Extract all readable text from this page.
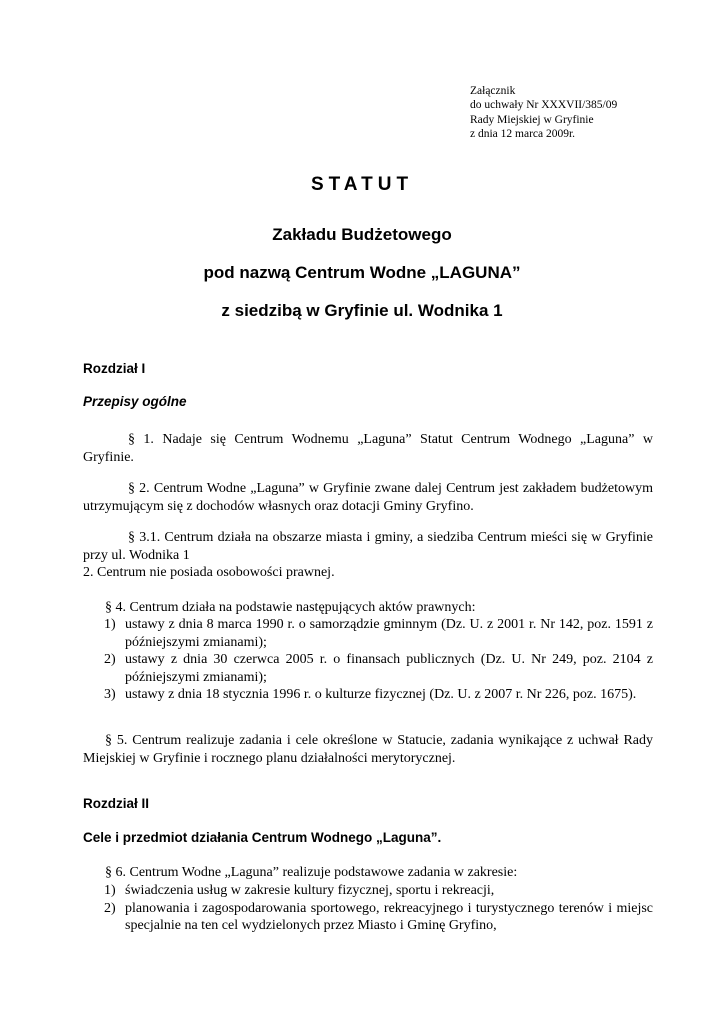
Załącznik
do uchwały Nr XXXVII/385/09
Rady Miejskiej w Gryfinie
z dnia 12 marca 2009r.
STATUT
Zakładu Budżetowego
pod nazwą Centrum Wodne „LAGUNA”
z siedzibą w Gryfinie ul. Wodnika 1
Rozdział I
Przepisy ogólne
§ 1. Nadaje się Centrum Wodnemu „Laguna” Statut Centrum Wodnego „Laguna” w Gryfinie.
§ 2. Centrum Wodne „Laguna” w Gryfinie zwane dalej Centrum jest zakładem budżetowym utrzymującym się z dochodów własnych oraz dotacji Gminy Gryfino.
§ 3.1. Centrum działa na obszarze miasta i gminy, a siedziba Centrum mieści się w Gryfinie przy ul. Wodnika 1
2. Centrum nie posiada osobowości prawnej.
§ 4. Centrum działa na podstawie następujących aktów prawnych:
1) ustawy z dnia 8 marca 1990 r. o samorządzie gminnym (Dz. U. z 2001 r. Nr 142, poz. 1591 z późniejszymi zmianami);
2) ustawy z dnia 30 czerwca 2005 r. o finansach publicznych (Dz. U. Nr 249, poz. 2104 z późniejszymi zmianami);
3) ustawy z dnia 18 stycznia 1996 r. o kulturze fizycznej (Dz. U. z 2007 r. Nr 226, poz. 1675).
§ 5. Centrum realizuje zadania i cele określone w Statucie, zadania wynikające z uchwał Rady Miejskiej w Gryfinie i rocznego planu działalności merytorycznej.
Rozdział II
Cele i przedmiot działania Centrum Wodnego „Laguna”.
§ 6. Centrum Wodne „Laguna” realizuje podstawowe zadania w zakresie:
1) świadczenia usług w zakresie kultury fizycznej, sportu i rekreacji,
2) planowania i zagospodarowania sportowego, rekreacyjnego i turystycznego terenów i miejsc specjalnie na ten cel wydzielonych przez Miasto i Gminę Gryfino,
